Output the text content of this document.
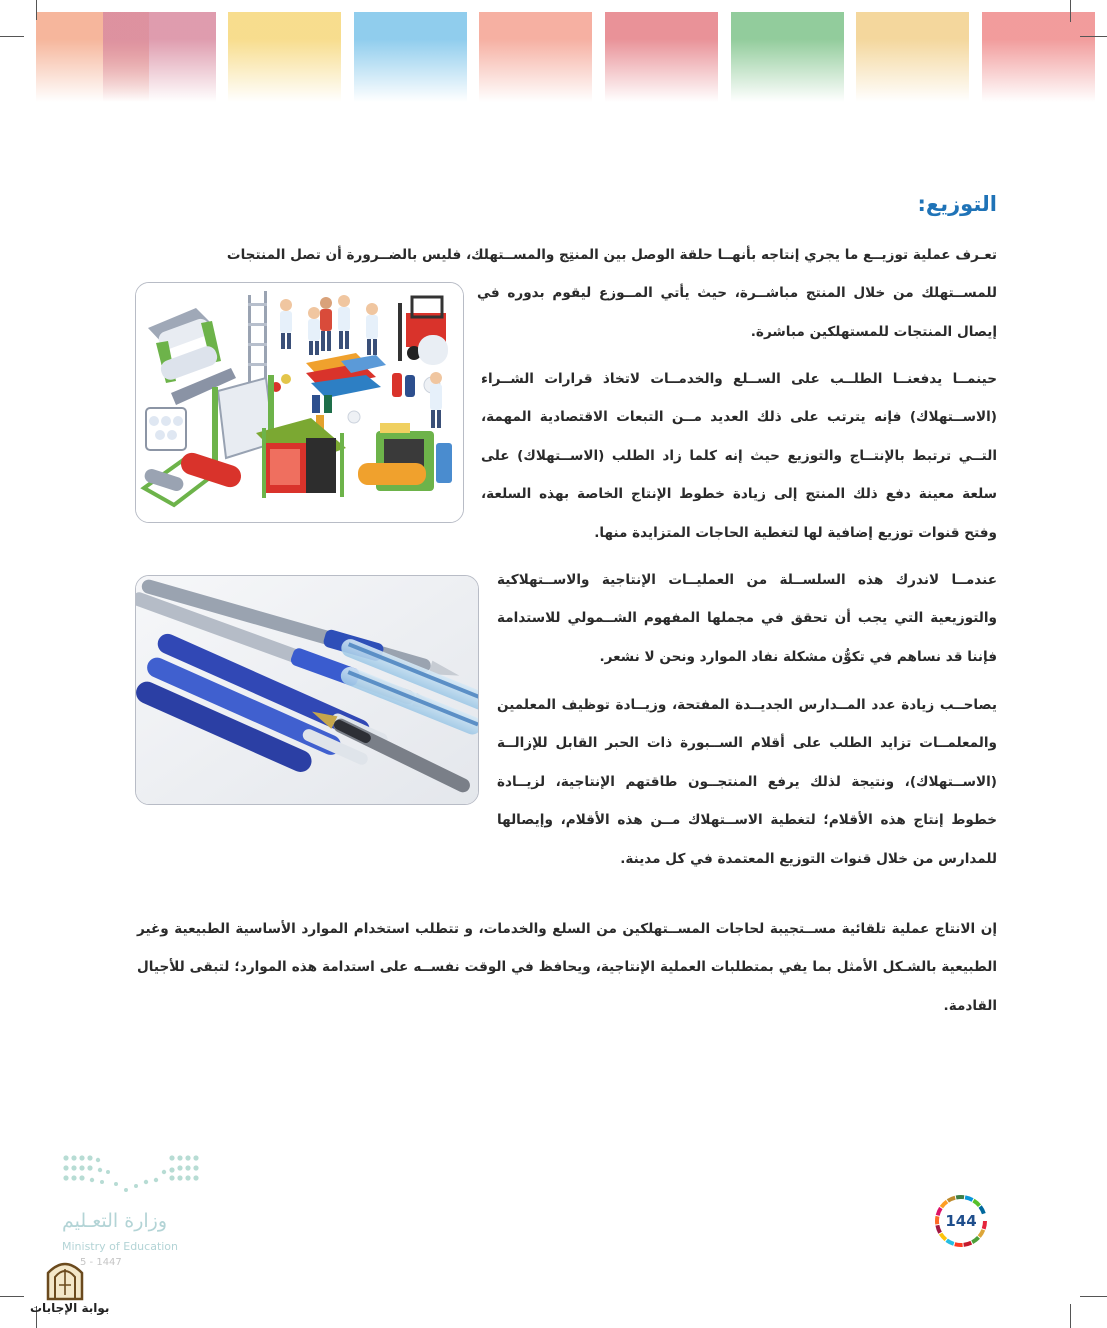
التوزيع:

تعـرف عملية توزيــع ما يجري إنتاجه بأنهــا حلقة الوصل بين المنتِج والمســتهلك، فليس بالضــرورة أن تصل المنتجات
للمســتهلك من خلال المنتج مباشــرة، حيث يأتي المــوزع ليقوم بدوره في إيصال المنتجات للمستهلكين مباشرة.

حينمــا يدفعنــا الطلــب على الســلع والخدمــات لاتخاذ قرارات الشــراء (الاســتهلاك) فإنه يترتب على ذلك العديد مــن التبعات الاقتصادية المهمة، التــي ترتبط بالإنتــاج والتوزيع حيث إنه كلما زاد الطلب (الاســتهلاك) على سلعة معينة دفع ذلك المنتج إلى زيادة خطوط الإنتاج الخاصة بهذه السلعة، وفتح قنوات توزيع إضافية لها لتغطية الحاجات المتزايدة منها.

عندمــا لاندرك هذه السلســلة من العمليــات الإنتاجية والاســتهلاكية والتوزيعية التي يجب أن تحقق في مجملها المفهوم الشــمولي للاستدامة فإننا قد نساهم في تكوُّن مشكلة نفاد الموارد ونحن لا نشعر.

يصاحــب زيادة عدد المــدارس الجديــدة المفتحة، وزيــادة توظيف المعلمين والمعلمــات تزايد الطلب على أقلام الســبورة ذات الحبر القابل للإزالــة (الاســتهلاك)، ونتيجة لذلك يرفع المنتجــون طاقتهم الإنتاجية، لزيــادة خطوط إنتاج هذه الأقلام؛ لتغطية الاســتهلاك مــن هذه الأقلام، وإيصالها للمدارس من خلال قنوات التوزيع المعتمدة في كل مدينة.

إن الانتاج عملية تلقائية مســتجيبة لحاجات المســتهلكين من السلع والخدمات، و تتطلب استخدام الموارد الأساسية الطبيعية وغير الطبيعية بالشـكل الأمثل بما يفي بمتطلبات العملية الإنتاجية، ويحافظ في الوقت نفســه على استدامة هذه الموارد؛ لتبقى للأجيال القادمة.

144
وزارة التعـليم
Ministry of Education
5 - 1447
بوابة الإجابات
